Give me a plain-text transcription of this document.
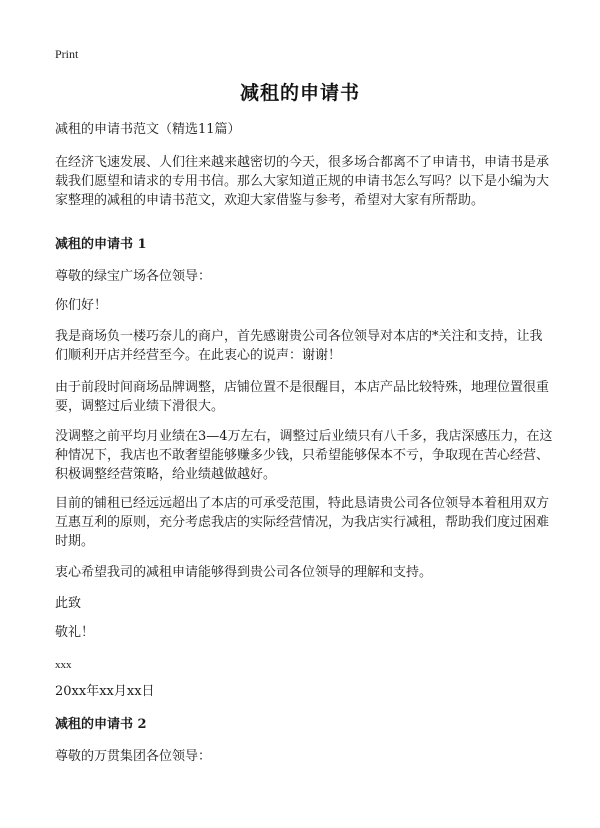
Print
减租的申请书
减租的申请书范文（精选11篇）
在经济飞速发展、人们往来越来越密切的今天，很多场合都离不了申请书，申请书是承载我们愿望和请求的专用书信。那么大家知道正规的申请书怎么写吗？以下是小编为大家整理的减租的申请书范文，欢迎大家借鉴与参考，希望对大家有所帮助。
减租的申请书 1
尊敬的绿宝广场各位领导：
你们好！
我是商场负一楼巧奈儿的商户，首先感谢贵公司各位领导对本店的*关注和支持，让我们顺利开店并经营至今。在此衷心的说声：谢谢！
由于前段时间商场品牌调整，店铺位置不是很醒目，本店产品比较特殊，地理位置很重要，调整过后业绩下滑很大。
没调整之前平均月业绩在3—4万左右，调整过后业绩只有八千多，我店深感压力，在这种情况下，我店也不敢奢望能够赚多少钱，只希望能够保本不亏，争取现在苦心经营、积极调整经营策略，给业绩越做越好。
目前的铺租已经远远超出了本店的可承受范围，特此恳请贵公司各位领导本着租用双方互惠互利的原则，充分考虑我店的实际经营情况，为我店实行减租，帮助我们度过困难时期。
衷心希望我司的减租申请能够得到贵公司各位领导的理解和支持。
此致
敬礼！
xxx
20xx年xx月xx日
减租的申请书 2
尊敬的万贯集团各位领导：
